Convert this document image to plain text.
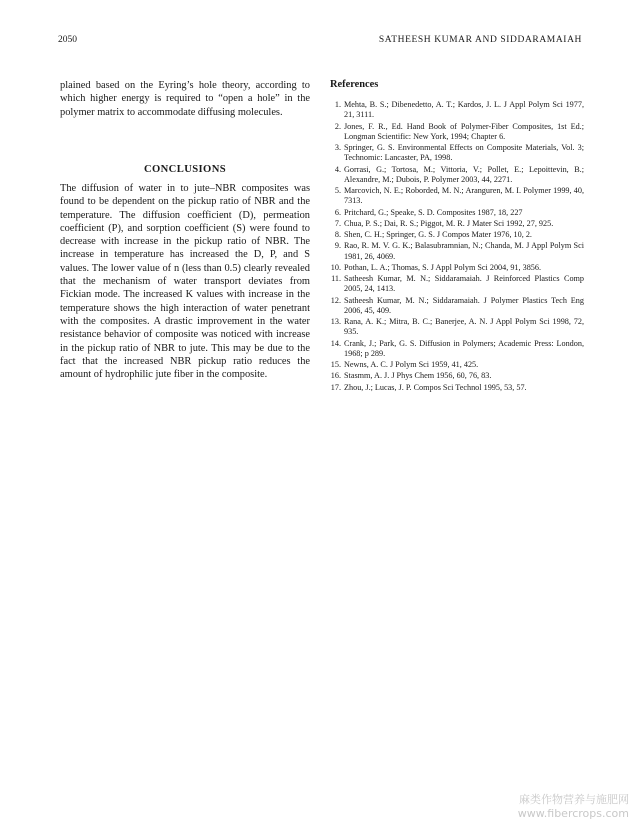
2050	SATHEESH KUMAR AND SIDDARAMAIAH

plained based on the Eyring’s hole theory, according to which higher energy is required to “open a hole” in the polymer matrix to accommodate diffusing molecules.

CONCLUSIONS

The diffusion of water in to jute–NBR composites was found to be dependent on the pickup ratio of NBR and the temperature. The diffusion coefficient (D), permeation coefficient (P), and sorption coefficient (S) were found to decrease with increase in the pickup ratio of NBR. The increase in temperature has increased the D, P, and S values. The lower value of n (less than 0.5) clearly revealed that the mechanism of water transport deviates from Fickian mode. The increased K values with increase in the temperature shows the high interaction of water penetrant with the composites. A drastic improvement in the water resistance behavior of composite was noticed with increase in the pickup ratio of NBR to jute. This may be due to the fact that the increased NBR pickup ratio reduces the amount of hydrophilic jute fiber in the composite.

References
1. Mehta, B. S.; Dibenedetto, A. T.; Kardos, J. L. J Appl Polym Sci 1977, 21, 3111.
2. Jones, F. R., Ed. Hand Book of Polymer-Fiber Composites, 1st Ed.; Longman Scientific: New York, 1994; Chapter 6.
3. Springer, G. S. Environmental Effects on Composite Materials, Vol. 3; Technomic: Lancaster, PA, 1998.
4. Gorrasi, G.; Tortosa, M.; Vittoria, V.; Pollet, E.; Lepoittevin, B.; Alexandre, M.; Dubois, P. Polymer 2003, 44, 2271.
5. Marcovich, N. E.; Roborded, M. N.; Aranguren, M. I. Polymer 1999, 40, 7313.
6. Pritchard, G.; Speake, S. D. Composites 1987, 18, 227
7. Chua, P. S.; Dai, R. S.; Piggot, M. R. J Mater Sci 1992, 27, 925.
8. Shen, C. H.; Springer, G. S. J Compos Mater 1976, 10, 2.
9. Rao, R. M. V. G. K.; Balasubramnian, N.; Chanda, M. J Appl Polym Sci 1981, 26, 4069.
10. Pothan, L. A.; Thomas, S. J Appl Polym Sci 2004, 91, 3856.
11. Satheesh Kumar, M. N.; Siddaramaiah. J Reinforced Plastics Comp 2005, 24, 1413.
12. Satheesh Kumar, M. N.; Siddaramaiah. J Polymer Plastics Tech Eng 2006, 45, 409.
13. Rana, A. K.; Mitra, B. C.; Banerjee, A. N. J Appl Polym Sci 1998, 72, 935.
14. Crank, J.; Park, G. S. Diffusion in Polymers; Academic Press: London, 1968; p 289.
15. Newns, A. C. J Polym Sci 1959, 41, 425.
16. Stasmm, A. J. J Phys Chem 1956, 60, 76, 83.
17. Zhou, J.; Lucas, J. P. Compos Sci Technol 1995, 53, 57.
麻类作物营养与施肥网
www.fibercrops.com
